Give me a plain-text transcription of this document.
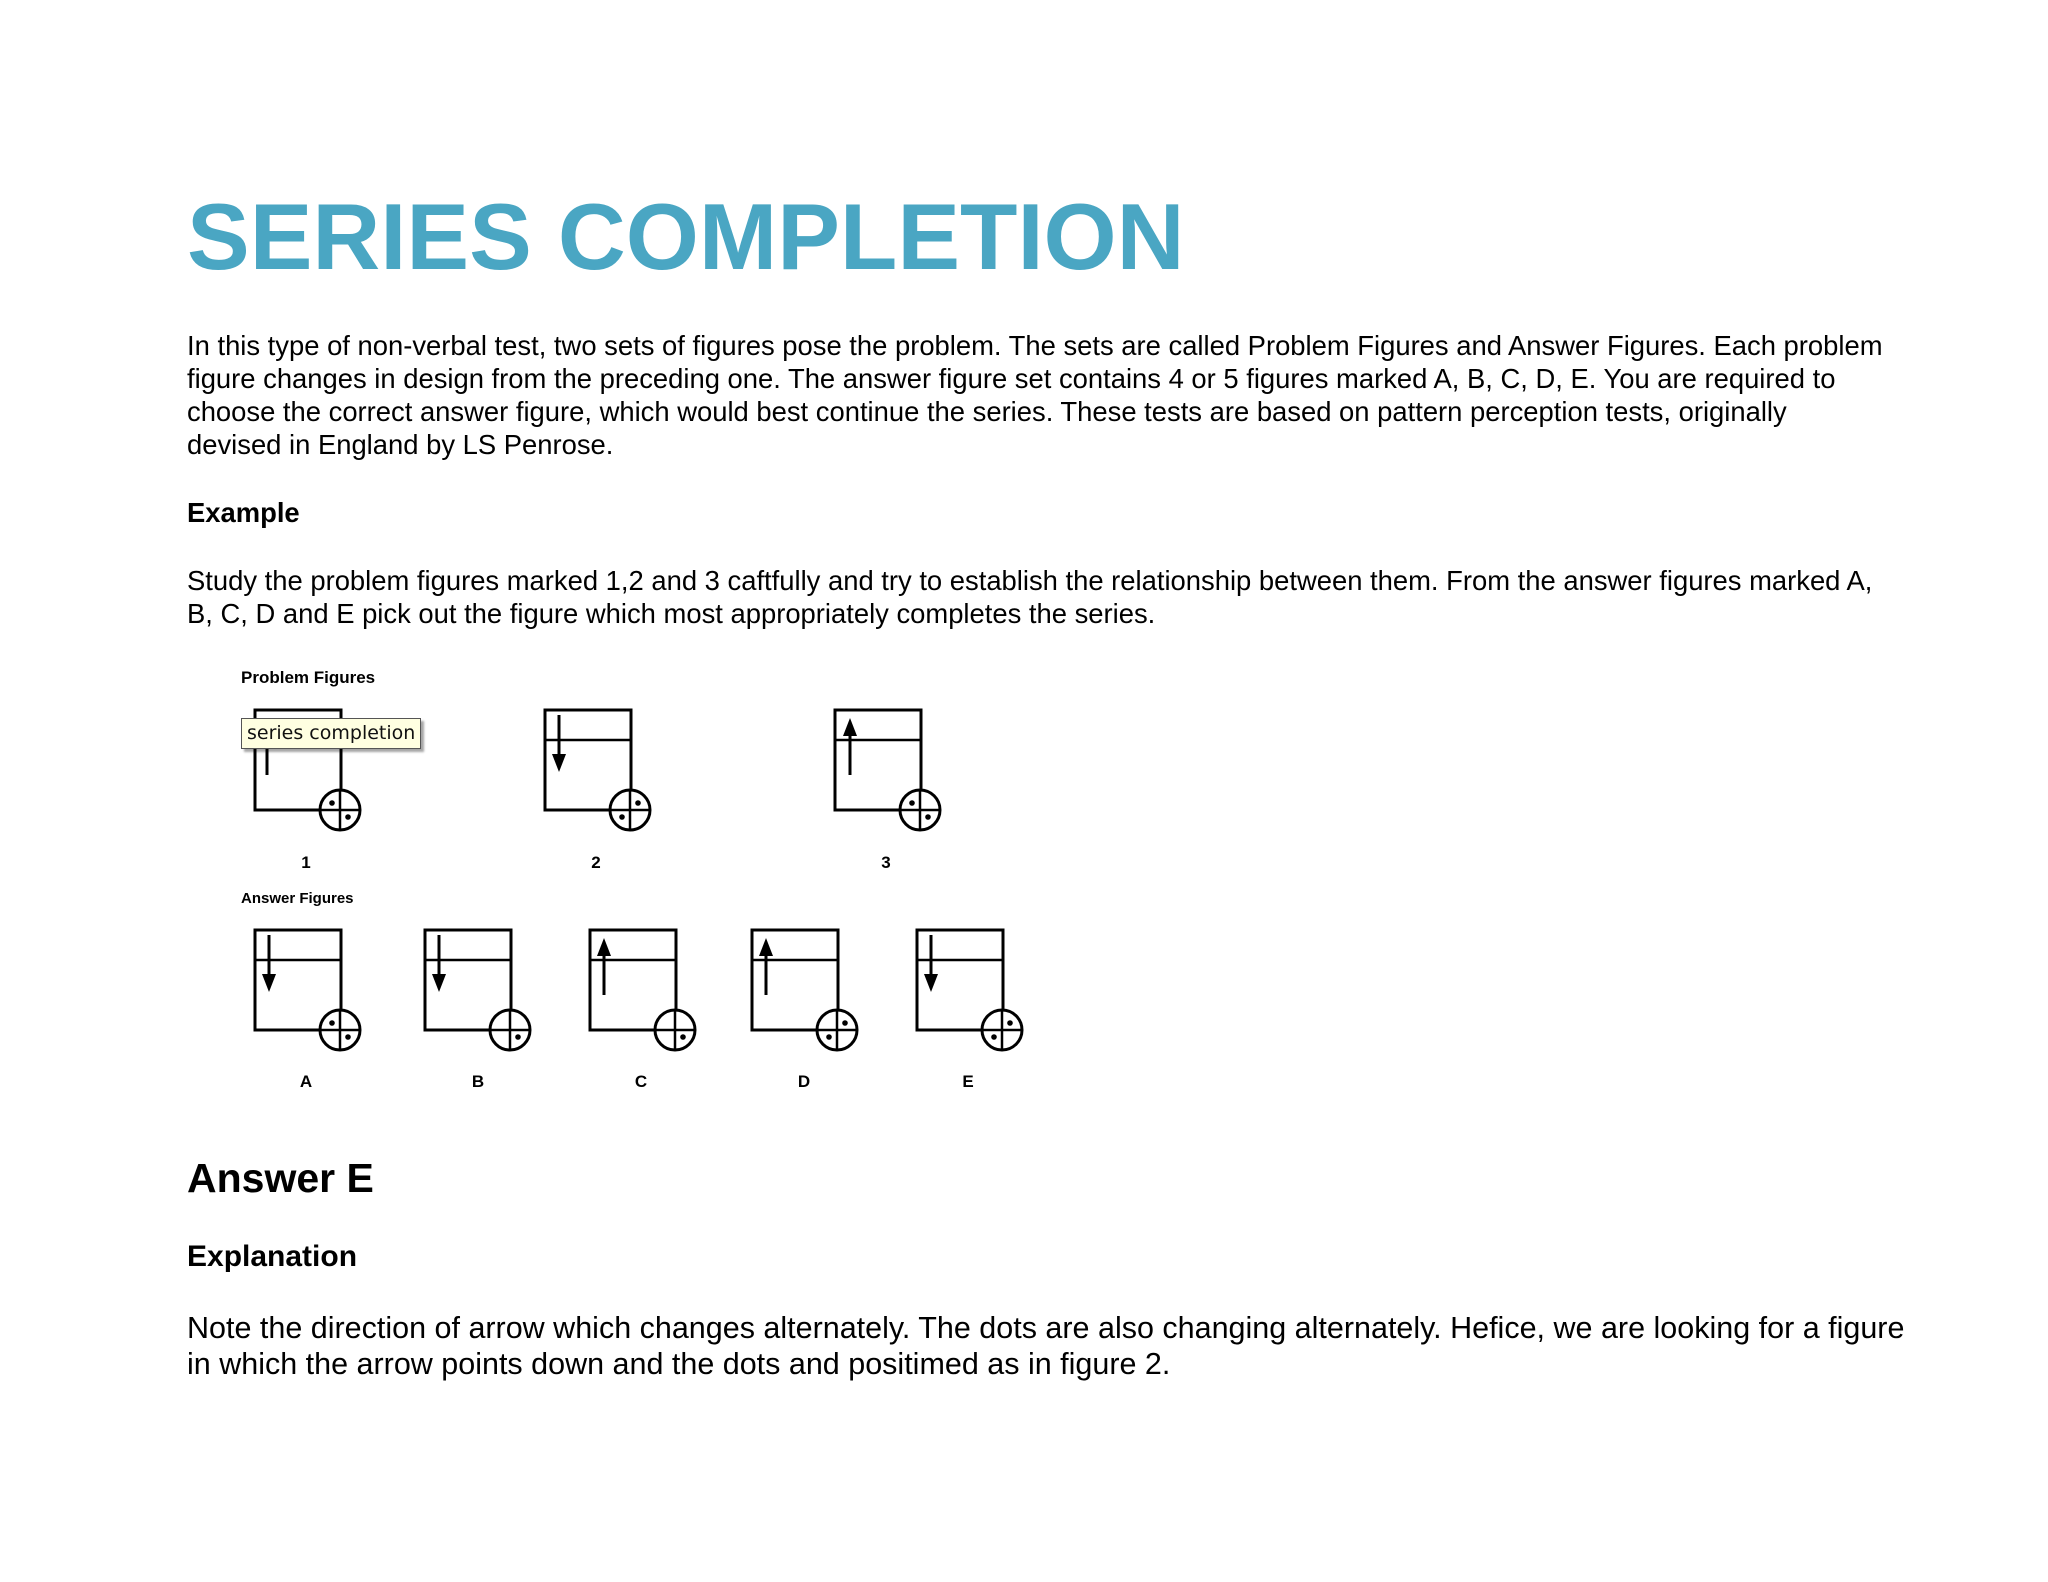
SERIES COMPLETION

In this type of non-verbal test, two sets of figures pose the problem. The sets are called Problem Figures and Answer Figures. Each problem figure changes in design from the preceding one. The answer figure set contains 4 or 5 figures marked A, B, C, D, E. You are required to choose the correct answer figure, which would best continue the series. These tests are based on pattern perception tests, originally devised in England by LS Penrose.

Example

Study the problem figures marked 1,2 and 3 caftfully and try to establish the relationship between them. From the answer figures marked A, B, C, D and E pick out the figure which most appropriately completes the series.

Problem Figures
Answer Figures
1	2	3
A	B	C	D	E
series completion
Answer E
Explanation

Note the direction of arrow which changes alternately. The dots are also changing alternately. Hefice, we are looking for a figure in which the arrow points down and the dots and positimed as in figure 2.
